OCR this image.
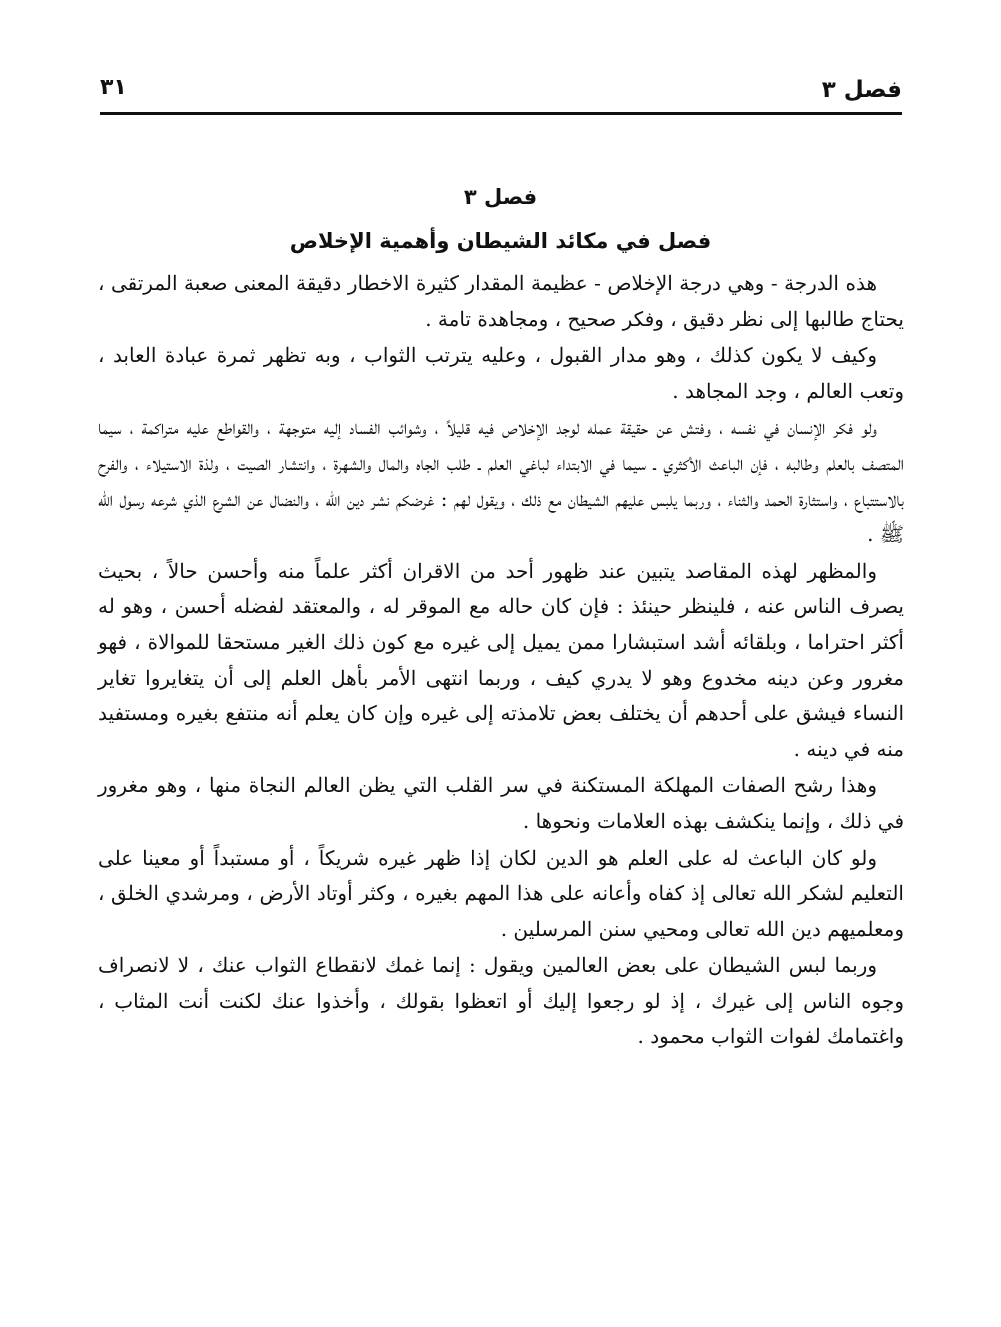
فصل ٣
٣١
فصل ٣
فصل في مكائد الشيطان وأهمية الإخلاص

هذه الدرجة - وهي درجة الإخلاص - عظيمة المقدار كثيرة الاخطار دقيقة المعنى صعبة المرتقى ، يحتاج طالبها إلى نظر دقيق ، وفكر صحيح ، ومجاهدة تامة .

وكيف لا يكون كذلك ، وهو مدار القبول ، وعليه يترتب الثواب ، وبه تظهر ثمرة عبادة العابد ، وتعب العالم ، وجد المجاهد .

ولو فكر الإنسان في نفسه ، وفتش عن حقيقة عمله لوجد الإخلاص فيه قليلاً ، وشوائب الفساد إليه متوجهة ، والقواطع عليه متراكمة ، سيما المتصف بالعلم وطالبه ، فإن الباعث الأكثري ـ سيما في الابتداء لباغي العلم ـ طلب الجاه والمال والشهرة ، وانتشار الصيت ، ولذة الاستيلاء ، والفرح بالاستتباع ، واستثارة الحمد والثناء ، وربما يلبس عليهم الشيطان مع ذلك ، ويقول لهم : غرضكم نشر دين الله ، والنضال عن الشرع الذي شرعه رسول الله ﷺ .

والمظهر لهذه المقاصد يتبين عند ظهور أحد من الاقران أكثر علماً منه وأحسن حالاً ، بحيث يصرف الناس عنه ، فلينظر حينئذ : فإن كان حاله مع الموقر له ، والمعتقد لفضله أحسن ، وهو له أكثر احتراما ، وبلقائه أشد استبشارا ممن يميل إلى غيره مع كون ذلك الغير مستحقا للموالاة ، فهو مغرور وعن دينه مخدوع وهو لا يدري كيف ، وربما انتهى الأمر بأهل العلم إلى أن يتغايروا تغاير النساء فيشق على أحدهم أن يختلف بعض تلامذته إلى غيره وإن كان يعلم أنه منتفع بغيره ومستفيد منه في دينه .

وهذا رشح الصفات المهلكة المستكنة في سر القلب التي يظن العالم النجاة منها ، وهو مغرور في ذلك ، وإنما ينكشف بهذه العلامات ونحوها .

ولو كان الباعث له على العلم هو الدين لكان إذا ظهر غيره شريكاً ، أو مستبداً أو معينا على التعليم لشكر الله تعالى إذ كفاه وأعانه على هذا المهم بغيره ، وكثر أوتاد الأرض ، ومرشدي الخلق ، ومعلميهم دين الله تعالى ومحيي سنن المرسلين .

وربما لبس الشيطان على بعض العالمين ويقول : إنما غمك لانقطاع الثواب عنك ، لا لانصراف وجوه الناس إلى غيرك ، إذ لو رجعوا إليك أو اتعظوا بقولك ، وأخذوا عنك لكنت أنت المثاب ، واغتمامك لفوات الثواب محمود .
